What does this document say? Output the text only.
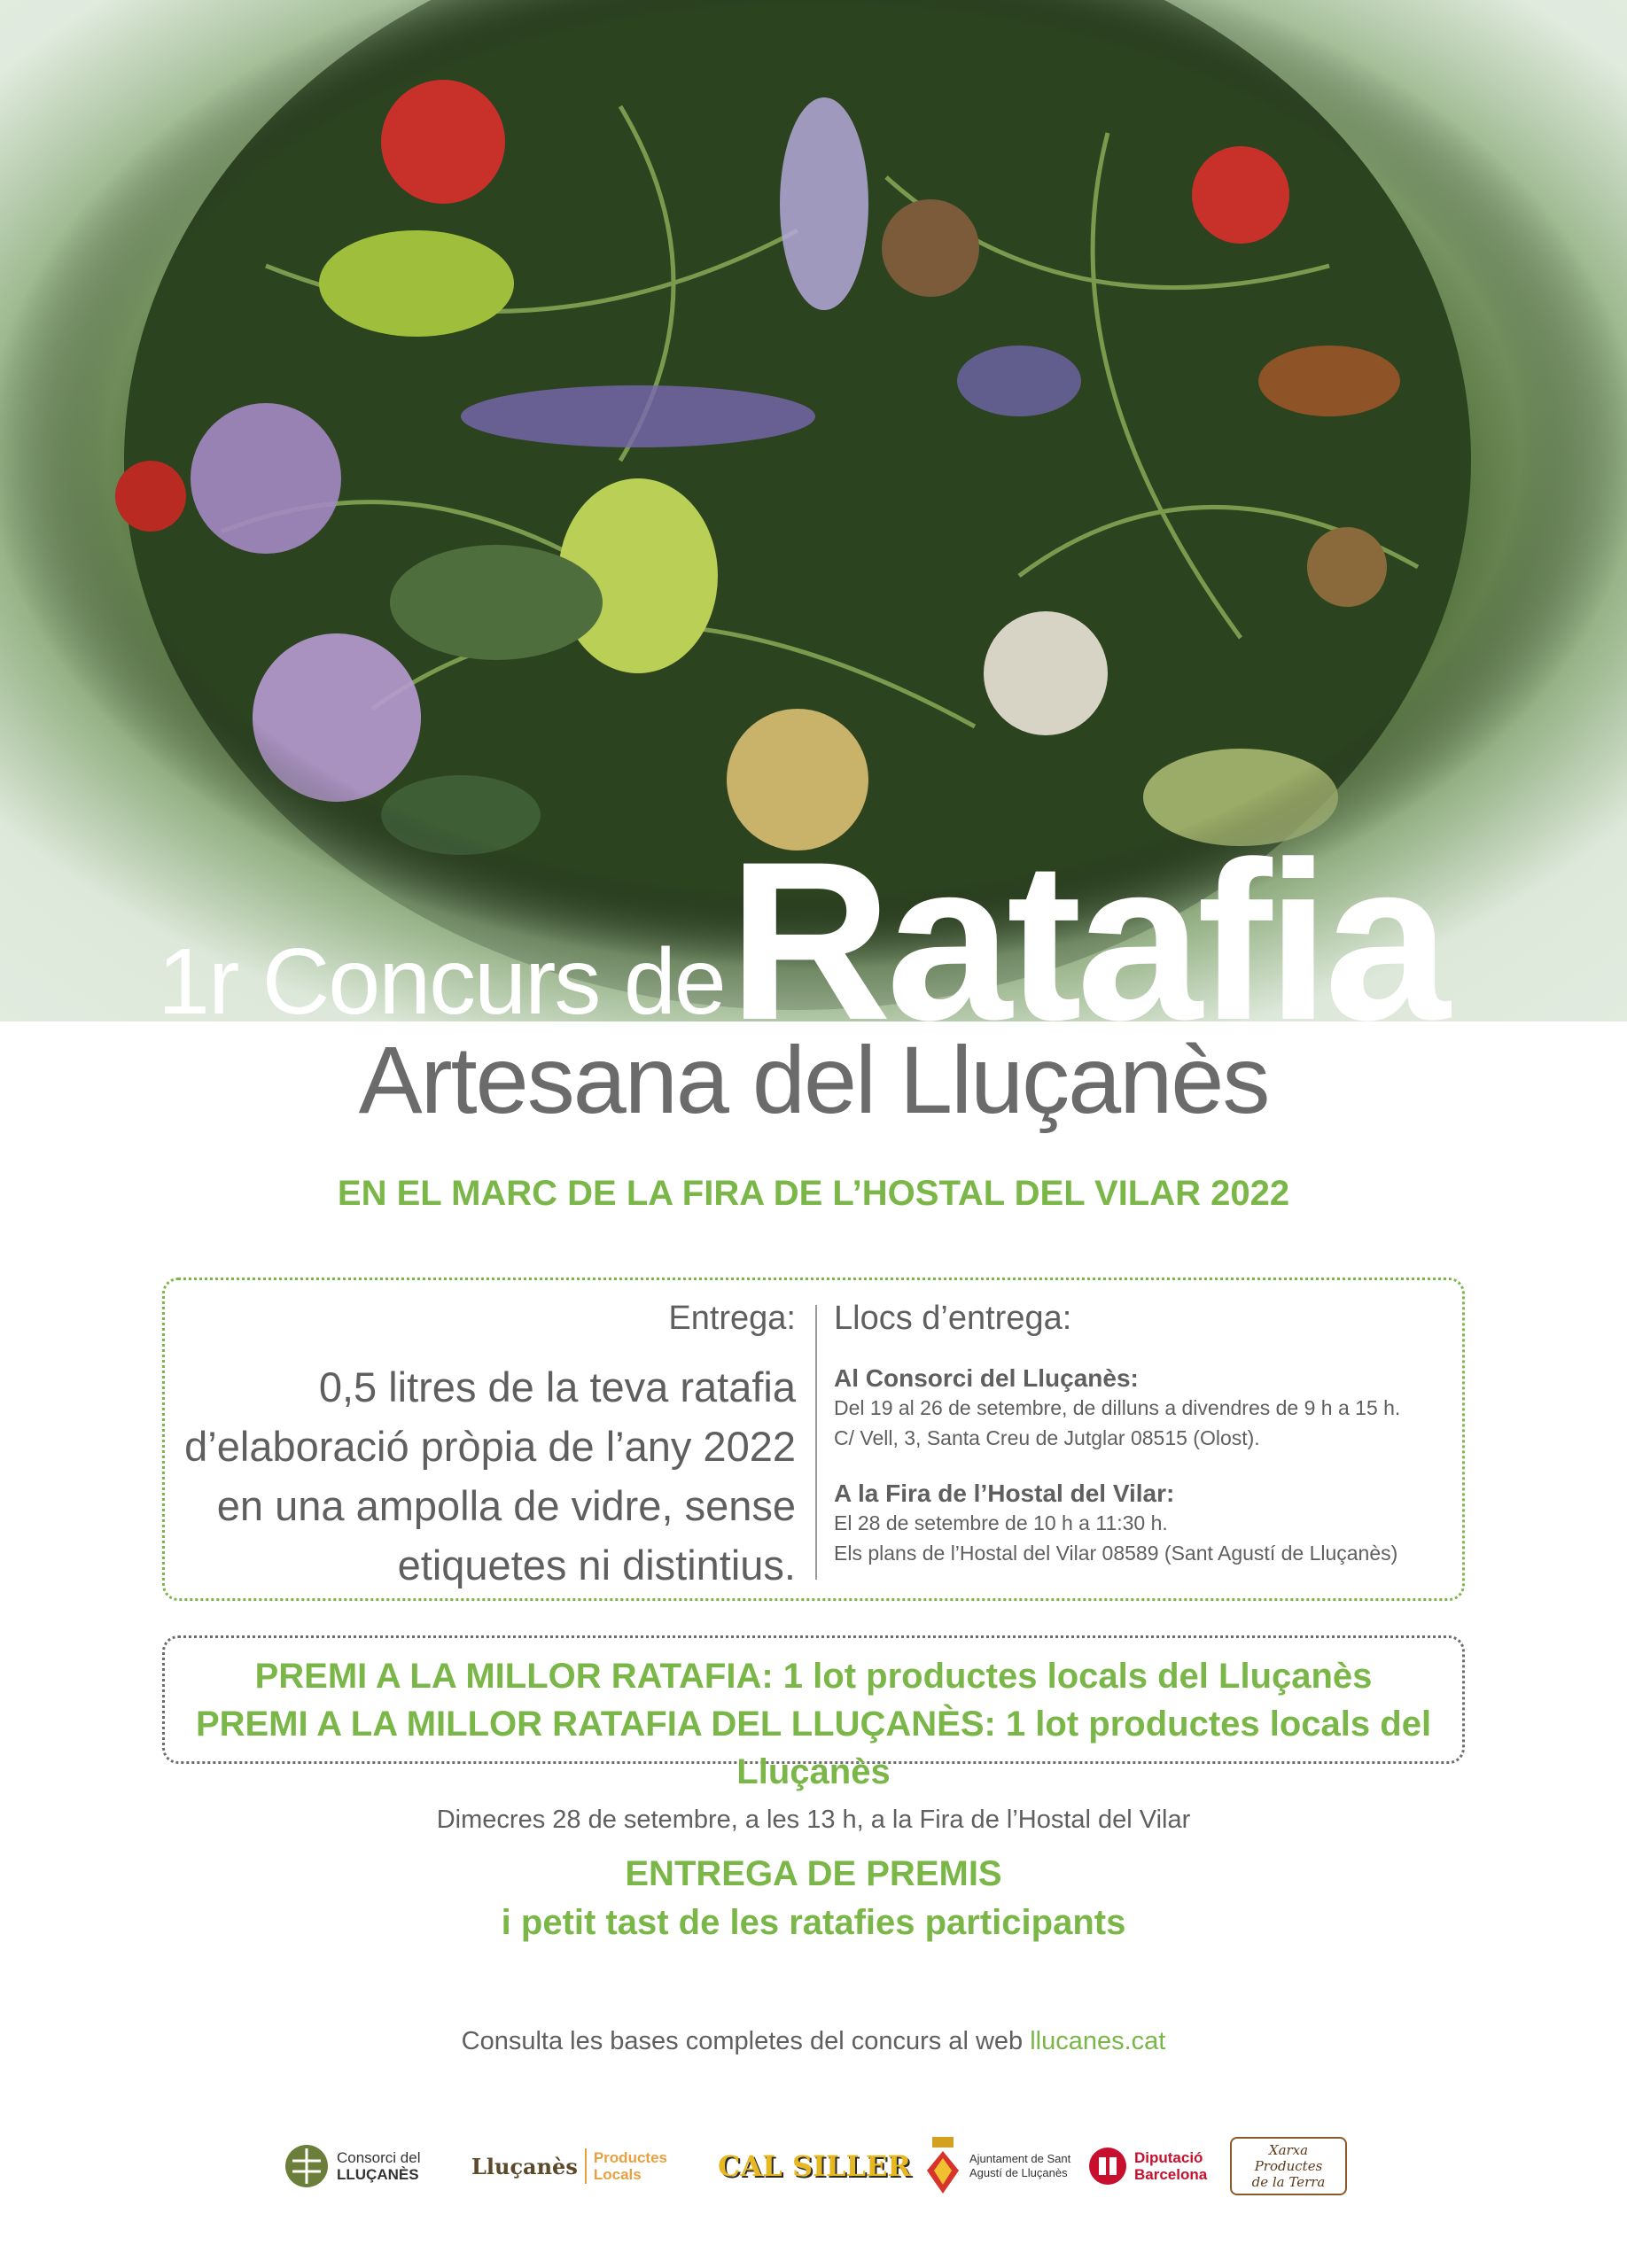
1r Concurs de Ratafia
Artesana del Lluçanès
EN EL MARC DE LA FIRA DE L’HOSTAL DEL VILAR 2022
Entrega:
0,5 litres de la teva ratafia
d’elaboració pròpia de l’any 2022
en una ampolla de vidre, sense
etiquetes ni distintius.
Llocs d’entrega:
Al Consorci del Lluçanès:
Del 19 al 26 de setembre, de dilluns a divendres de 9 h a 15 h.
C/ Vell, 3, Santa Creu de Jutglar 08515 (Olost).
A la Fira de l’Hostal del Vilar:
El 28 de setembre de 10 h a 11:30 h.
Els plans de l’Hostal del Vilar 08589 (Sant Agustí de Lluçanès)
PREMI A LA MILLOR RATAFIA: 1 lot productes locals del Lluçanès
PREMI A LA MILLOR RATAFIA DEL LLUÇANÈS: 1 lot productes locals del Lluçanès
Dimecres 28 de setembre, a les 13 h, a la Fira de l’Hostal del Vilar
ENTREGA DE PREMIS
i petit tast de les ratafies participants
Consulta les bases completes del concurs al web llucanes.cat
Consorci del
LLUÇANÈS Lluçanès Productes
Locals	CAL SILLER	Ajuntament de Sant
Agustí de Lluçanès
Diputació
Barcelona
Xarxa Productes
de la Terra
